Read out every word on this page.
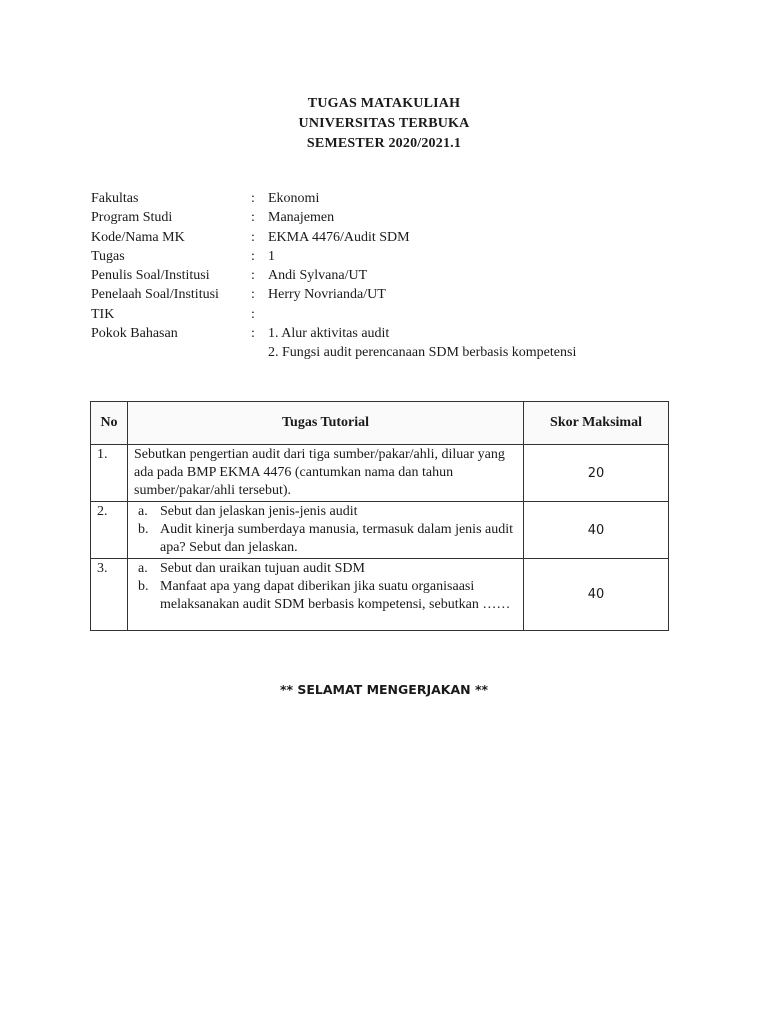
TUGAS MATAKULIAH
UNIVERSITAS TERBUKA
SEMESTER 2020/2021.1
Fakultas	: Ekonomi
Program Studi	: Manajemen
Kode/Nama MK	: EKMA 4476/Audit SDM
Tugas	: 1
Penulis Soal/Institusi	: Andi Sylvana/UT
Penelaah Soal/Institusi	: Herry Novrianda/UT
TIK	:
Pokok Bahasan	: 1. Alur aktivitas audit
2. Fungsi audit perencanaan SDM berbasis kompetensi
No	Tugas Tutorial	Skor Maksimal
1.	Sebutkan pengertian audit dari tiga sumber/pakar/ahli, diluar yang ada pada BMP EKMA 4476 (cantumkan nama dan tahun sumber/pakar/ahli tersebut).	20
2.	a. Sebut dan jelaskan jenis-jenis audit
b. Audit kinerja sumberdaya manusia, termasuk dalam jenis audit apa? Sebut dan jelaskan.	40
3.	a. Sebut dan uraikan tujuan audit SDM
b. Manfaat apa yang dapat diberikan jika suatu organisaasi melaksanakan audit SDM berbasis kompetensi, sebutkan ……	40
** SELAMAT MENGERJAKAN **
